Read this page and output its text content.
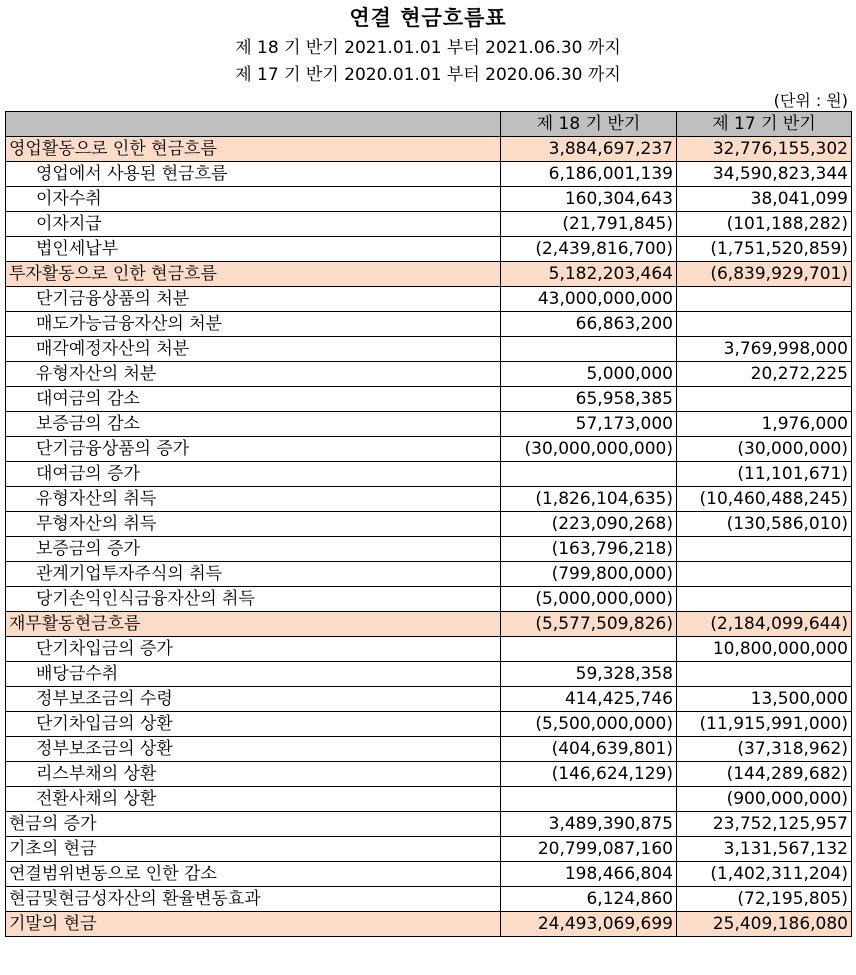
연결 현금흐름표
제 18 기 반기 2021.01.01 부터 2021.06.30 까지
제 17 기 반기 2020.01.01 부터 2020.06.30 까지
(단위 : 원)
	제 18 기 반기	제 17 기 반기
영업활동으로 인한 현금흐름	3,884,697,237	32,776,155,302
영업에서 사용된 현금흐름	6,186,001,139	34,590,823,344
이자수취	160,304,643	38,041,099
이자지급	(21,791,845)	(101,188,282)
법인세납부	(2,439,816,700)	(1,751,520,859)
투자활동으로 인한 현금흐름	5,182,203,464	(6,839,929,701)
단기금융상품의 처분	43,000,000,000	
매도가능금융자산의 처분	66,863,200	
매각예정자산의 처분		3,769,998,000
유형자산의 처분	5,000,000	20,272,225
대여금의 감소	65,958,385	
보증금의 감소	57,173,000	1,976,000
단기금융상품의 증가	(30,000,000,000)	(30,000,000)
대여금의 증가		(11,101,671)
유형자산의 취득	(1,826,104,635)	(10,460,488,245)
무형자산의 취득	(223,090,268)	(130,586,010)
보증금의 증가	(163,796,218)	
관계기업투자주식의 취득	(799,800,000)	
당기손익인식금융자산의 취득	(5,000,000,000)	
재무활동현금흐름	(5,577,509,826)	(2,184,099,644)
단기차입금의 증가		10,800,000,000
배당금수취	59,328,358	
정부보조금의 수령	414,425,746	13,500,000
단기차입금의 상환	(5,500,000,000)	(11,915,991,000)
정부보조금의 상환	(404,639,801)	(37,318,962)
리스부채의 상환	(146,624,129)	(144,289,682)
전환사채의 상환		(900,000,000)
현금의 증가	3,489,390,875	23,752,125,957
기초의 현금	20,799,087,160	3,131,567,132
연결범위변동으로 인한 감소	198,466,804	(1,402,311,204)
현금및현금성자산의 환율변동효과	6,124,860	(72,195,805)
기말의 현금	24,493,069,699	25,409,186,080
